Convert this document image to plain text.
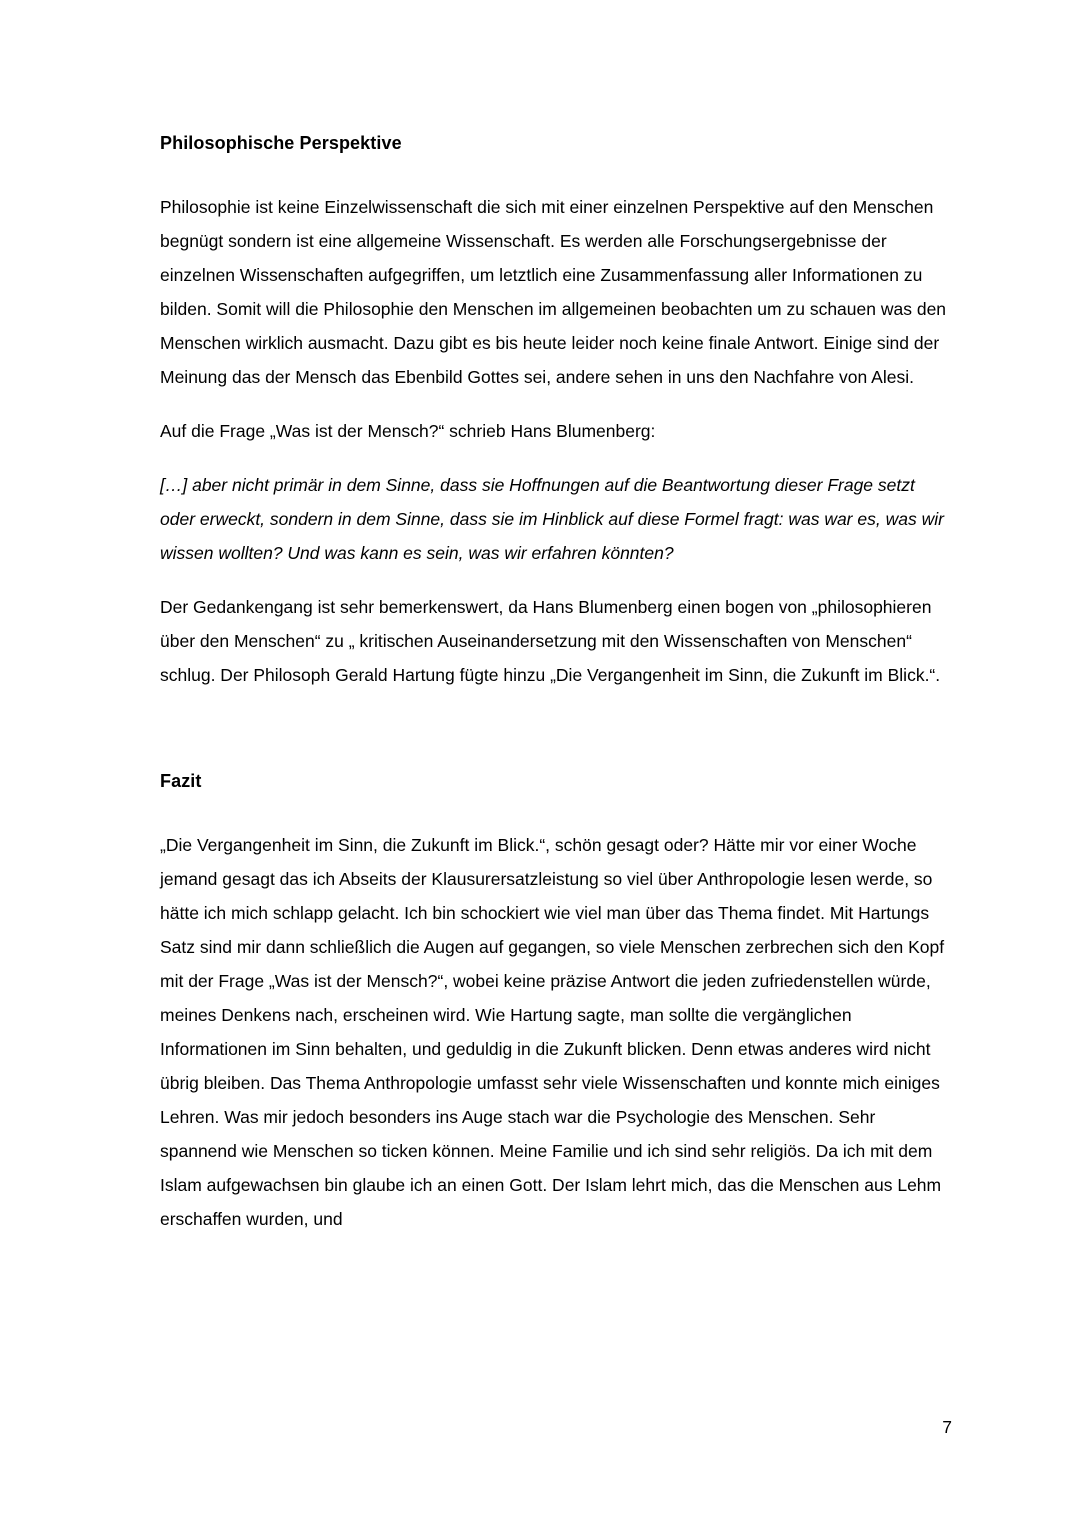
Philosophische Perspektive

Philosophie ist keine Einzelwissenschaft die sich mit einer einzelnen Perspektive auf den Menschen begnügt sondern ist eine allgemeine Wissenschaft. Es werden alle Forschungsergebnisse der einzelnen Wissenschaften aufgegriffen, um letztlich eine Zusammenfassung aller Informationen zu bilden. Somit will die Philosophie den Menschen im allgemeinen beobachten um zu schauen was den Menschen wirklich ausmacht. Dazu gibt es bis heute leider noch keine finale Antwort. Einige sind der Meinung das der Mensch das Ebenbild Gottes sei, andere sehen in uns den Nachfahre von Alesi.

Auf die Frage „Was ist der Mensch?“ schrieb Hans Blumenberg:

[…] aber nicht primär in dem Sinne, dass sie Hoffnungen auf die Beantwortung dieser Frage setzt oder erweckt, sondern in dem Sinne, dass sie im Hinblick auf diese Formel fragt: was war es, was wir wissen wollten? Und was kann es sein, was wir erfahren könnten?

Der Gedankengang ist sehr bemerkenswert, da Hans Blumenberg einen bogen von „philosophieren über den Menschen“ zu „ kritischen Auseinandersetzung mit den Wissenschaften von Menschen“ schlug. Der Philosoph Gerald Hartung fügte hinzu „Die Vergangenheit im Sinn, die Zukunft im Blick.“.

Fazit

„Die Vergangenheit im Sinn, die Zukunft im Blick.“, schön gesagt oder? Hätte mir vor einer Woche jemand gesagt das ich Abseits der Klausurersatzleistung so viel über Anthropologie lesen werde, so hätte ich mich schlapp gelacht. Ich bin schockiert wie viel man über das Thema findet. Mit Hartungs Satz sind mir dann schließlich die Augen auf gegangen, so viele Menschen zerbrechen sich den Kopf mit der Frage „Was ist der Mensch?“, wobei keine präzise Antwort die jeden zufriedenstellen würde, meines Denkens nach, erscheinen wird. Wie Hartung sagte, man sollte die vergänglichen Informationen im Sinn behalten, und geduldig in die Zukunft blicken. Denn etwas anderes wird nicht übrig bleiben. Das Thema Anthropologie umfasst sehr viele Wissenschaften und konnte mich einiges Lehren. Was mir jedoch besonders ins Auge stach war die Psychologie des Menschen. Sehr spannend wie Menschen so ticken können. Meine Familie und ich sind sehr religiös. Da ich mit dem Islam aufgewachsen bin glaube ich an einen Gott. Der Islam lehrt mich, das die Menschen aus Lehm erschaffen wurden, und

7
